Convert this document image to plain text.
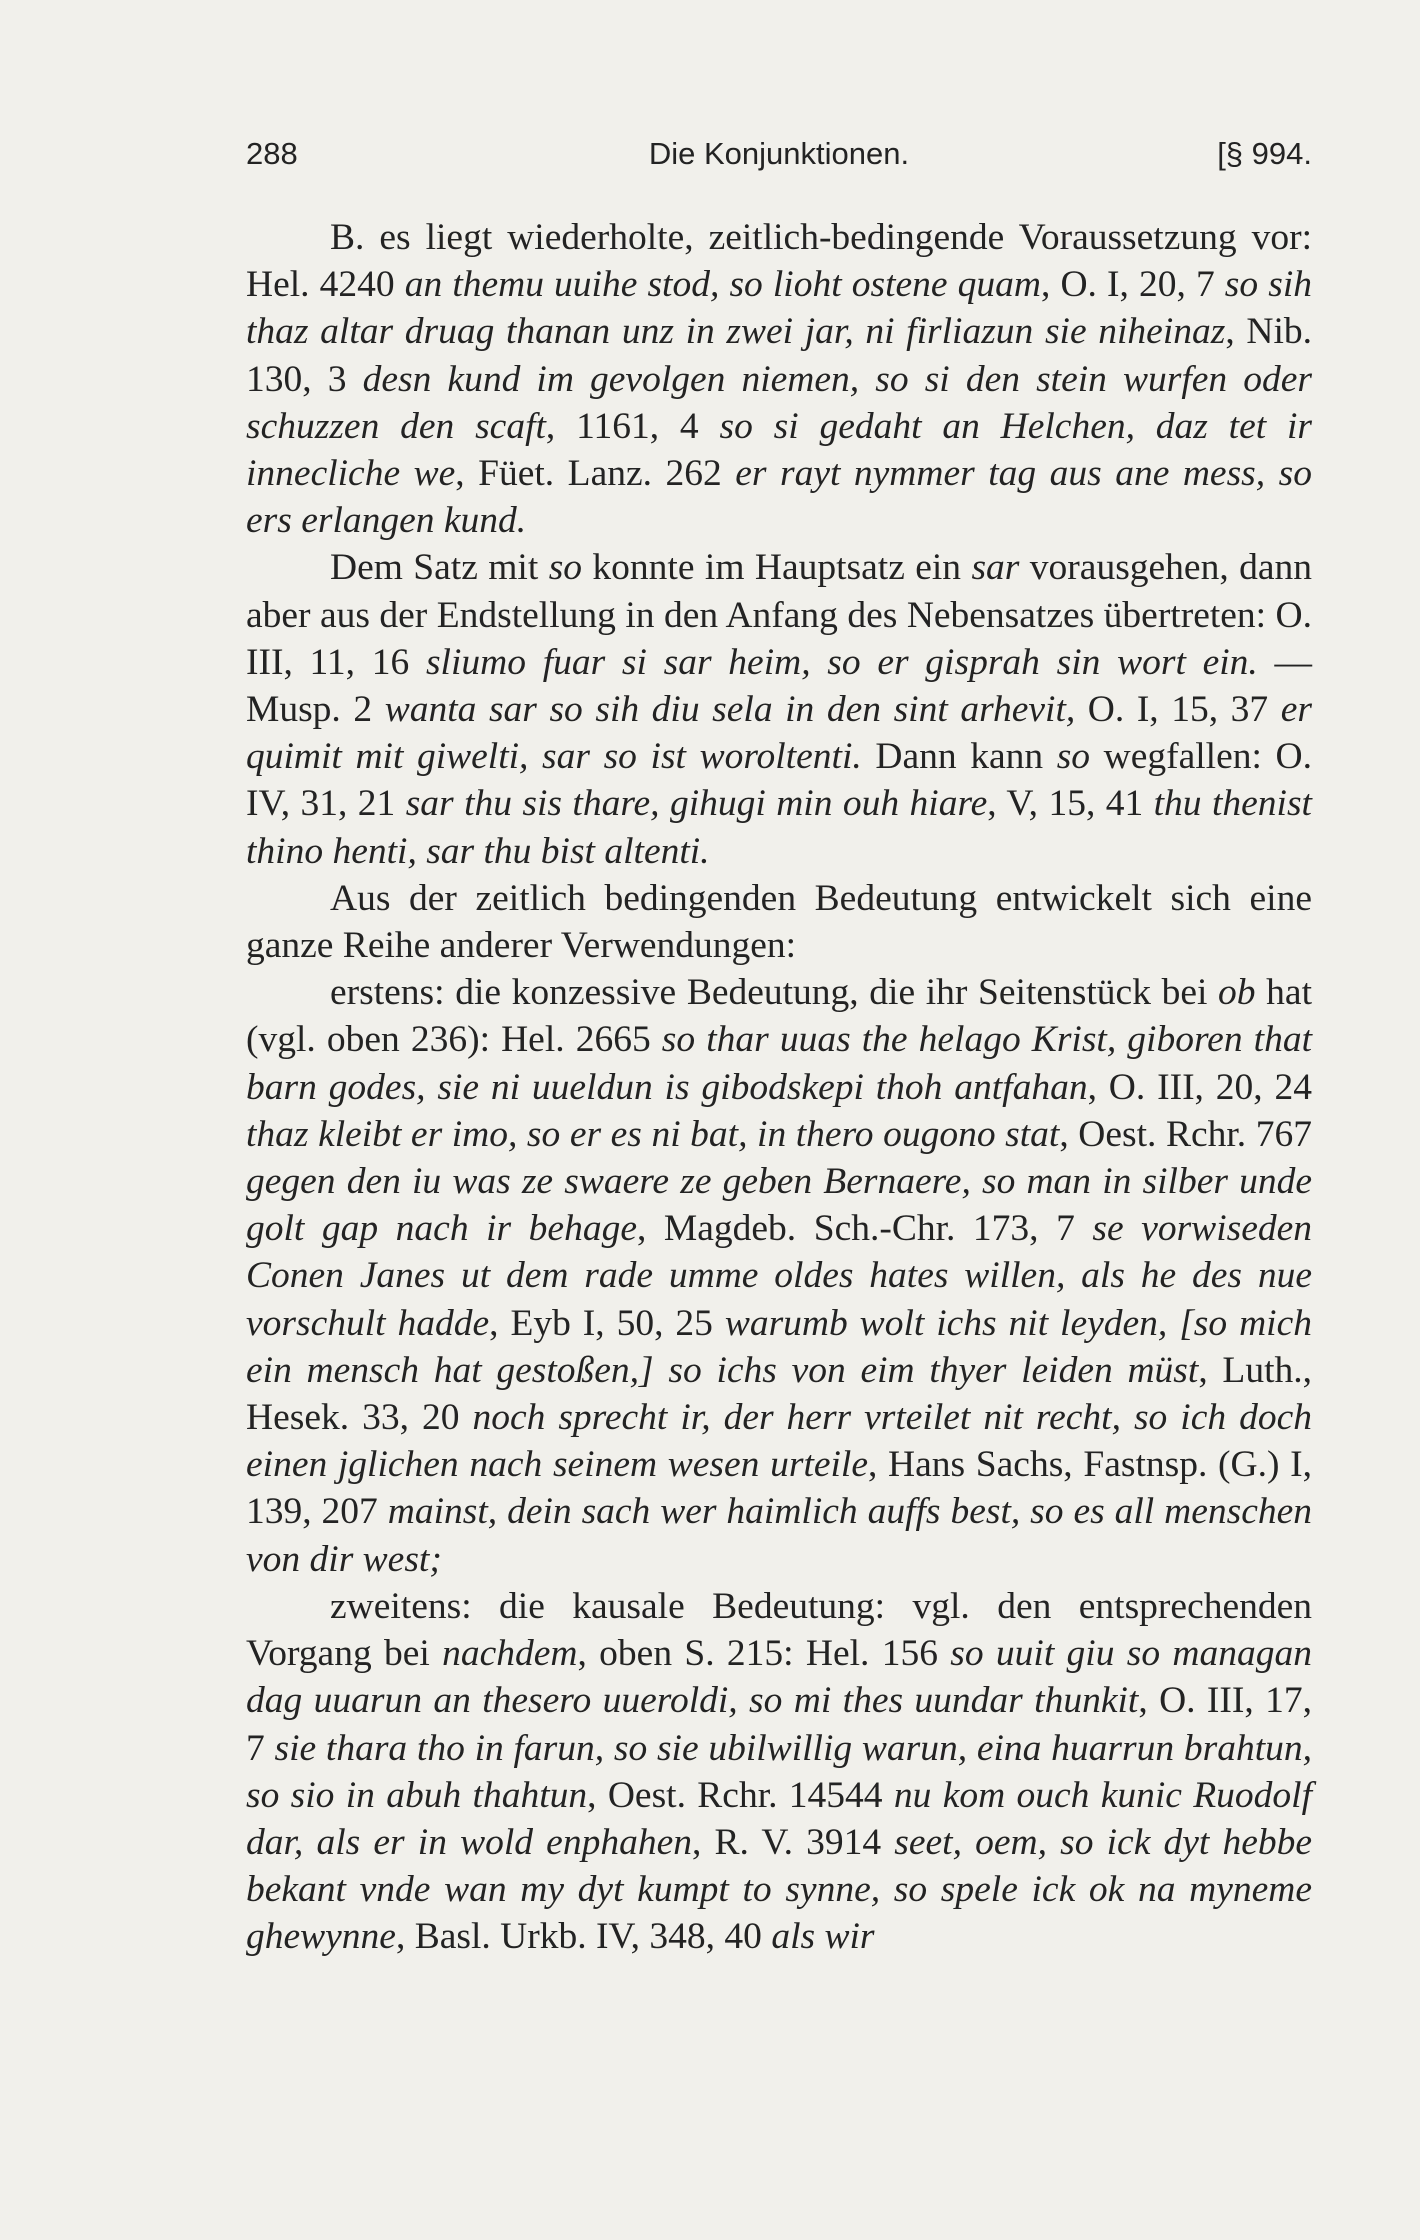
288	Die Konjunktionen.	[§ 994.

B. es liegt wiederholte, zeitlich-bedingende Voraussetzung vor: Hel. 4240 an themu uuihe stod, so lioht ostene quam, O. I, 20, 7 so sih thaz altar druag thanan unz in zwei jar, ni firliazun sie niheinaz, Nib. 130, 3 desn kund im gevolgen niemen, so si den stein wurfen oder schuzzen den scaft, 1161, 4 so si gedaht an Helchen, daz tet ir innecliche we, Füet. Lanz. 262 er rayt nymmer tag aus ane mess, so ers erlangen kund.

Dem Satz mit so konnte im Hauptsatz ein sar vorausgehen, dann aber aus der Endstellung in den Anfang des Nebensatzes übertreten: O. III, 11, 16 sliumo fuar si sar heim, so er gisprah sin wort ein. — Musp. 2 wanta sar so sih diu sela in den sint arhevit, O. I, 15, 37 er quimit mit giwelti, sar so ist woroltenti. Dann kann so wegfallen: O. IV, 31, 21 sar thu sis thare, gihugi min ouh hiare, V, 15, 41 thu thenist thino henti, sar thu bist altenti.

Aus der zeitlich bedingenden Bedeutung entwickelt sich eine ganze Reihe anderer Verwendungen:

erstens: die konzessive Bedeutung, die ihr Seitenstück bei ob hat (vgl. oben 236): Hel. 2665 so thar uuas the helago Krist, giboren that barn godes, sie ni uueldun is gibodskepi thoh antfahan, O. III, 20, 24 thaz kleibt er imo, so er es ni bat, in thero ougono stat, Oest. Rchr. 767 gegen den iu was ze swaere ze geben Bernaere, so man in silber unde golt gap nach ir behage, Magdeb. Sch.-Chr. 173, 7 se vorwiseden Conen Janes ut dem rade umme oldes hates willen, als he des nue vorschult hadde, Eyb I, 50, 25 warumb wolt ichs nit leyden, [so mich ein mensch hat gestoßen,] so ichs von eim thyer leiden müst, Luth., Hesek. 33, 20 noch sprecht ir, der herr vrteilet nit recht, so ich doch einen jglichen nach seinem wesen urteile, Hans Sachs, Fastnsp. (G.) I, 139, 207 mainst, dein sach wer haimlich auffs best, so es all menschen von dir west;

zweitens: die kausale Bedeutung: vgl. den entsprechenden Vorgang bei nachdem, oben S. 215: Hel. 156 so uuit giu so managan dag uuarun an thesero uueroldi, so mi thes uundar thunkit, O. III, 17, 7 sie thara tho in farun, so sie ubilwillig warun, eina huarrun brahtun, so sio in abuh thahtun, Oest. Rchr. 14544 nu kom ouch kunic Ruodolf dar, als er in wold enphahen, R. V. 3914 seet, oem, so ick dyt hebbe bekant vnde wan my dyt kumpt to synne, so spele ick ok na myneme ghewynne, Basl. Urkb. IV, 348, 40 als wir
